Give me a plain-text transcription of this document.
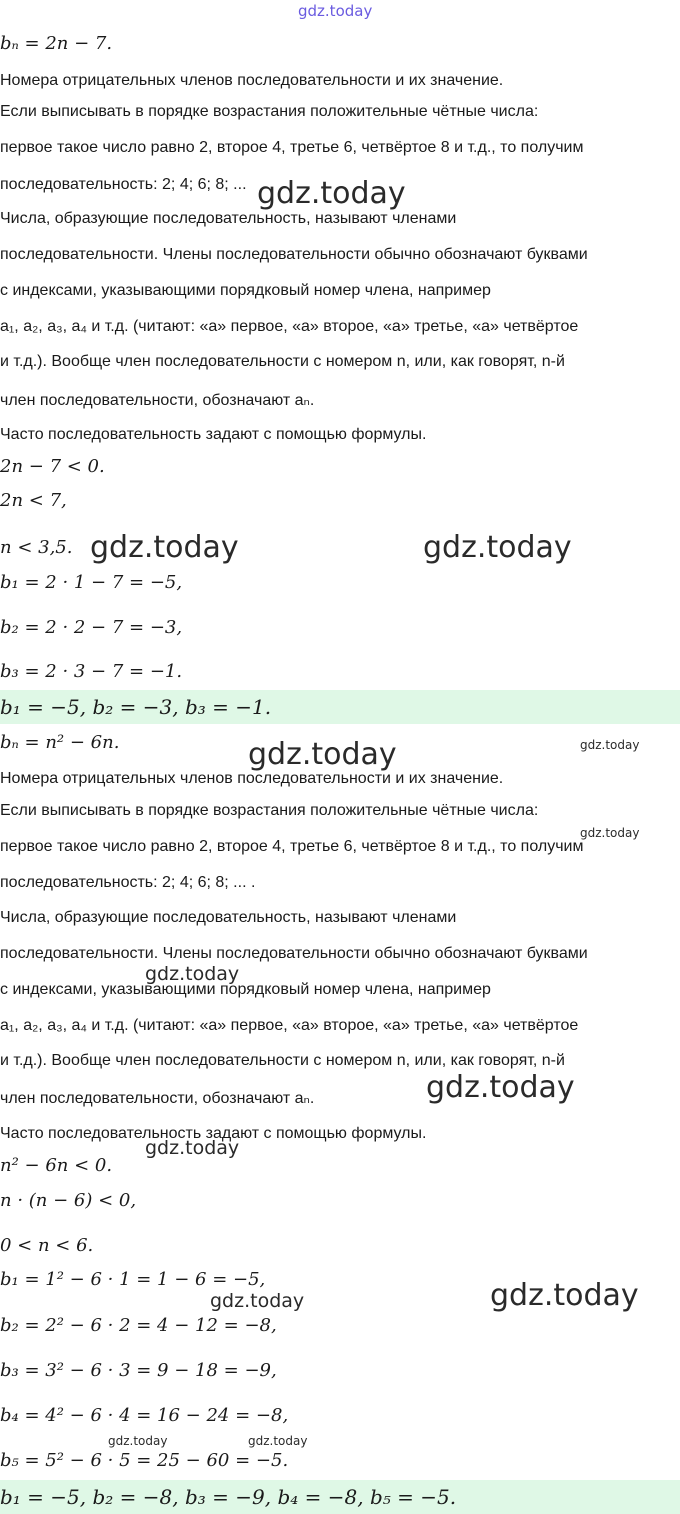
gdz.today
bₙ = 2n − 7.
Номера отрицательных членов последовательности и их значение.
Если выписывать в порядке возрастания положительные чётные числа:
первое такое число равно 2, второе 4, третье 6, четвёртое 8 и т.д., то получим
последовательность: 2; 4; 6; 8; ...
Числа, образующие последовательность, называют членами
последовательности. Члены последовательности обычно обозначают буквами
с индексами, указывающими порядковый номер члена, например
a₁, a₂, a₃, a₄ и т.д. (читают: «a» первое, «a» второе, «a» третье, «a» четвёртое
и т.д.). Вообще член последовательности с номером n, или, как говорят, n-й
член последовательности, обозначают aₙ.
Часто последовательность задают с помощью формулы.
2n − 7 < 0.
2n < 7,
n < 3,5.
b₁ = 2 · 1 − 7 = −5,
b₂ = 2 · 2 − 7 = −3,
b₃ = 2 · 3 − 7 = −1.
b₁ = −5, b₂ = −3, b₃ = −1.
bₙ = n² − 6n.
Номера отрицательных членов последовательности и их значение.
Если выписывать в порядке возрастания положительные чётные числа:
первое такое число равно 2, второе 4, третье 6, четвёртое 8 и т.д., то получим
последовательность: 2; 4; 6; 8; ... .
Числа, образующие последовательность, называют членами
последовательности. Члены последовательности обычно обозначают буквами
с индексами, указывающими порядковый номер члена, например
a₁, a₂, a₃, a₄ и т.д. (читают: «a» первое, «a» второе, «a» третье, «a» четвёртое
и т.д.). Вообще член последовательности с номером n, или, как говорят, n-й
член последовательности, обозначают aₙ.
Часто последовательность задают с помощью формулы.
n² − 6n < 0.
n · (n − 6) < 0,
0 < n < 6.
b₁ = 1² − 6 · 1 = 1 − 6 = −5,
b₂ = 2² − 6 · 2 = 4 − 12 = −8,
b₃ = 3² − 6 · 3 = 9 − 18 = −9,
b₄ = 4² − 6 · 4 = 16 − 24 = −8,
b₅ = 5² − 6 · 5 = 25 − 60 = −5.
b₁ = −5, b₂ = −8, b₃ = −9, b₄ = −8, b₅ = −5.
gdz.today
gdz.today	gdz.today
gdz.today	gdz.today
gdz.today
gdz.today
gdz.today
gdz.today
gdz.today
gdz.today
gdz.today	gdz.today
